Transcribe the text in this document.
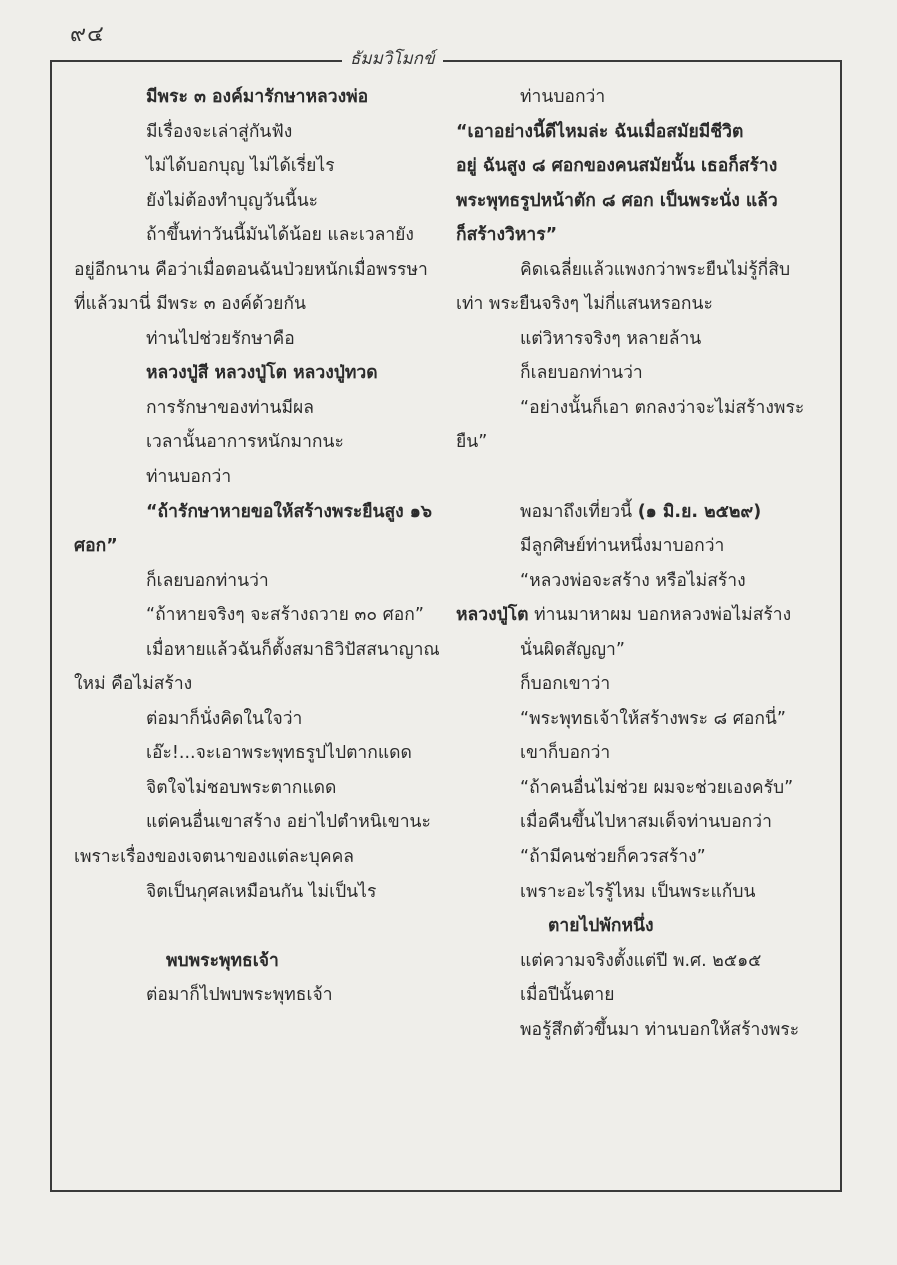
๙๔
ธัมมวิโมกข์
มีพระ ๓ องค์มารักษาหลวงพ่อ
มีเรื่องจะเล่าสู่กันฟัง
ไม่ได้บอกบุญ ไม่ได้เรี่ยไร
ยังไม่ต้องทำบุญวันนี้นะ
ถ้าขึ้นท่าวันนี้มันได้น้อย และเวลายัง
อยู่อีกนาน คือว่าเมื่อตอนฉันป่วยหนักเมื่อพรรษา
ที่แล้วมานี่ มีพระ ๓ องค์ด้วยกัน
ท่านไปช่วยรักษาคือ
หลวงปู่สี หลวงปู่โต หลวงปู่ทวด
การรักษาของท่านมีผล
เวลานั้นอาการหนักมากนะ
ท่านบอกว่า
“ถ้ารักษาหายขอให้สร้างพระยืนสูง ๑๖
ศอก”
ก็เลยบอกท่านว่า
“ถ้าหายจริงๆ จะสร้างถวาย ๓๐ ศอก”
เมื่อหายแล้วฉันก็ตั้งสมาธิวิปัสสนาญาณ
ใหม่ คือไม่สร้าง
ต่อมาก็นั่งคิดในใจว่า
เอ๊ะ!...จะเอาพระพุทธรูปไปตากแดด
จิตใจไม่ชอบพระตากแดด
แต่คนอื่นเขาสร้าง อย่าไปตำหนิเขานะ
เพราะเรื่องของเจตนาของแต่ละบุคคล
จิตเป็นกุศลเหมือนกัน ไม่เป็นไร
พบพระพุทธเจ้า
ต่อมาก็ไปพบพระพุทธเจ้า
ท่านบอกว่า
“เอาอย่างนี้ดีไหมล่ะ ฉันเมื่อสมัยมีชีวิต
อยู่ ฉันสูง ๘ ศอกของคนสมัยนั้น เธอก็สร้าง
พระพุทธรูปหน้าตัก ๘ ศอก เป็นพระนั่ง แล้ว
ก็สร้างวิหาร”
คิดเฉลี่ยแล้วแพงกว่าพระยืนไม่รู้กี่สิบ
เท่า พระยืนจริงๆ ไม่กี่แสนหรอกนะ
แต่วิหารจริงๆ หลายล้าน
ก็เลยบอกท่านว่า
“อย่างนั้นก็เอา ตกลงว่าจะไม่สร้างพระ
ยืน”
พอมาถึงเที่ยวนี้ (๑ มิ.ย. ๒๕๒๙)
มีลูกศิษย์ท่านหนึ่งมาบอกว่า
“หลวงพ่อจะสร้าง หรือไม่สร้าง
หลวงปู่โต ท่านมาหาผม บอกหลวงพ่อไม่สร้าง
นั่นผิดสัญญา”
ก็บอกเขาว่า
“พระพุทธเจ้าให้สร้างพระ ๘ ศอกนี่”
เขาก็บอกว่า
“ถ้าคนอื่นไม่ช่วย ผมจะช่วยเองครับ”
เมื่อคืนขึ้นไปหาสมเด็จท่านบอกว่า
“ถ้ามีคนช่วยก็ควรสร้าง”
เพราะอะไรรู้ไหม เป็นพระแก้บน
ตายไปพักหนึ่ง
แต่ความจริงตั้งแต่ปี พ.ศ. ๒๕๑๕
เมื่อปีนั้นตาย
พอรู้สึกตัวขึ้นมา ท่านบอกให้สร้างพระ
